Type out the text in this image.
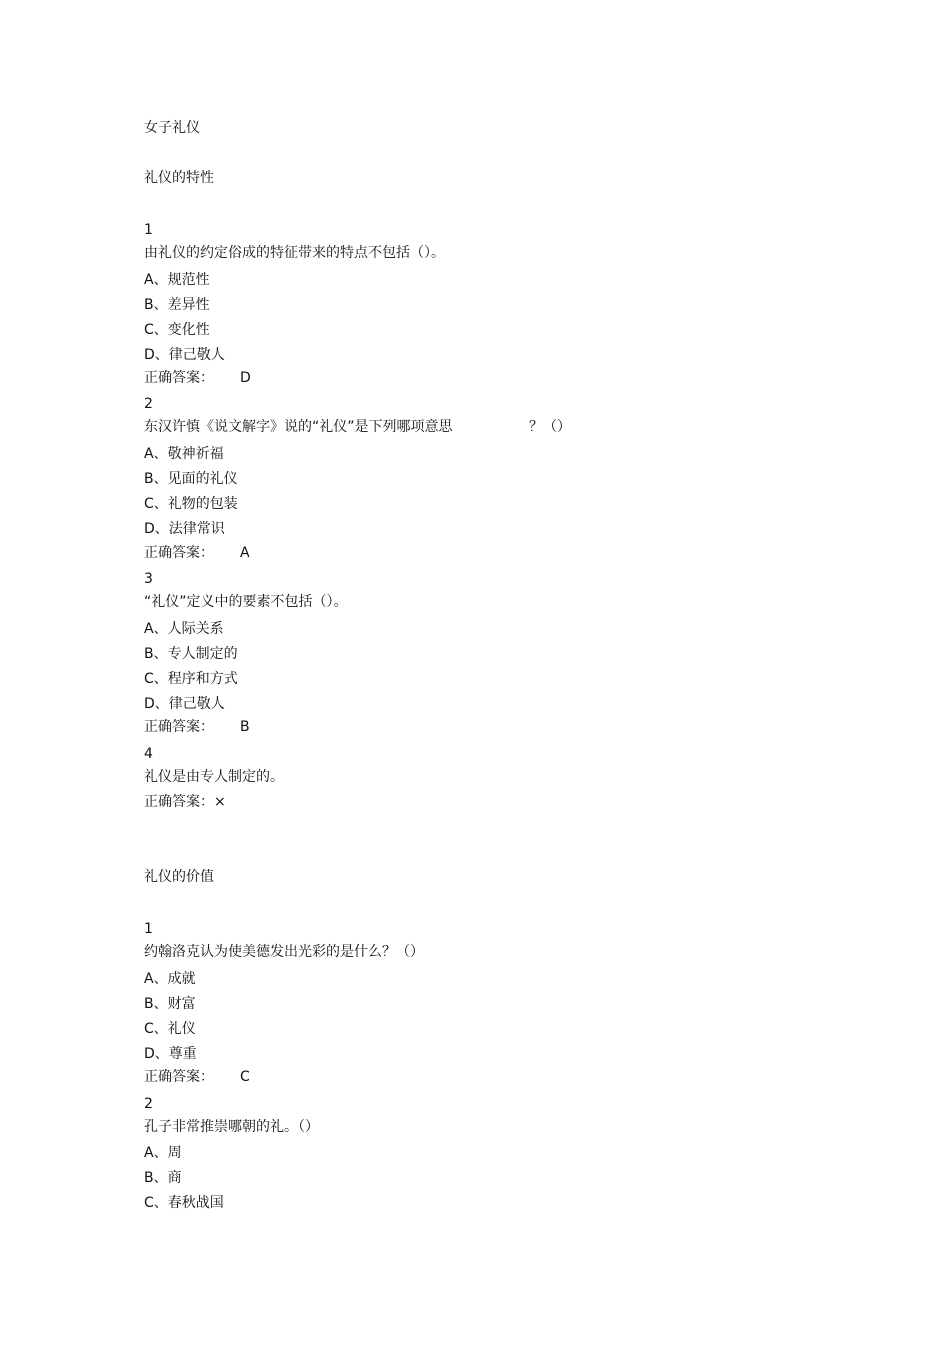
女子礼仪
礼仪的特性
1
由礼仪的约定俗成的特征带来的特点不包括（）。
A、规范性
B、差异性
C、变化性
D、律己敬人
正确答案： D
2
东汉许慎《说文解字》说的“礼仪”是下列哪项意思	？（）
A、敬神祈福
B、见面的礼仪
C、礼物的包装
D、法律常识
正确答案： A
3
“礼仪”定义中的要素不包括（）。
A、人际关系
B、专人制定的
C、程序和方式
D、律己敬人
正确答案： B
4
礼仪是由专人制定的。
正确答案：×
礼仪的价值
1
约翰洛克认为使美德发出光彩的是什么？（）
A、成就
B、财富
C、礼仪
D、尊重
正确答案： C
2
孔子非常推崇哪朝的礼。（）
A、周
B、商
C、春秋战国
